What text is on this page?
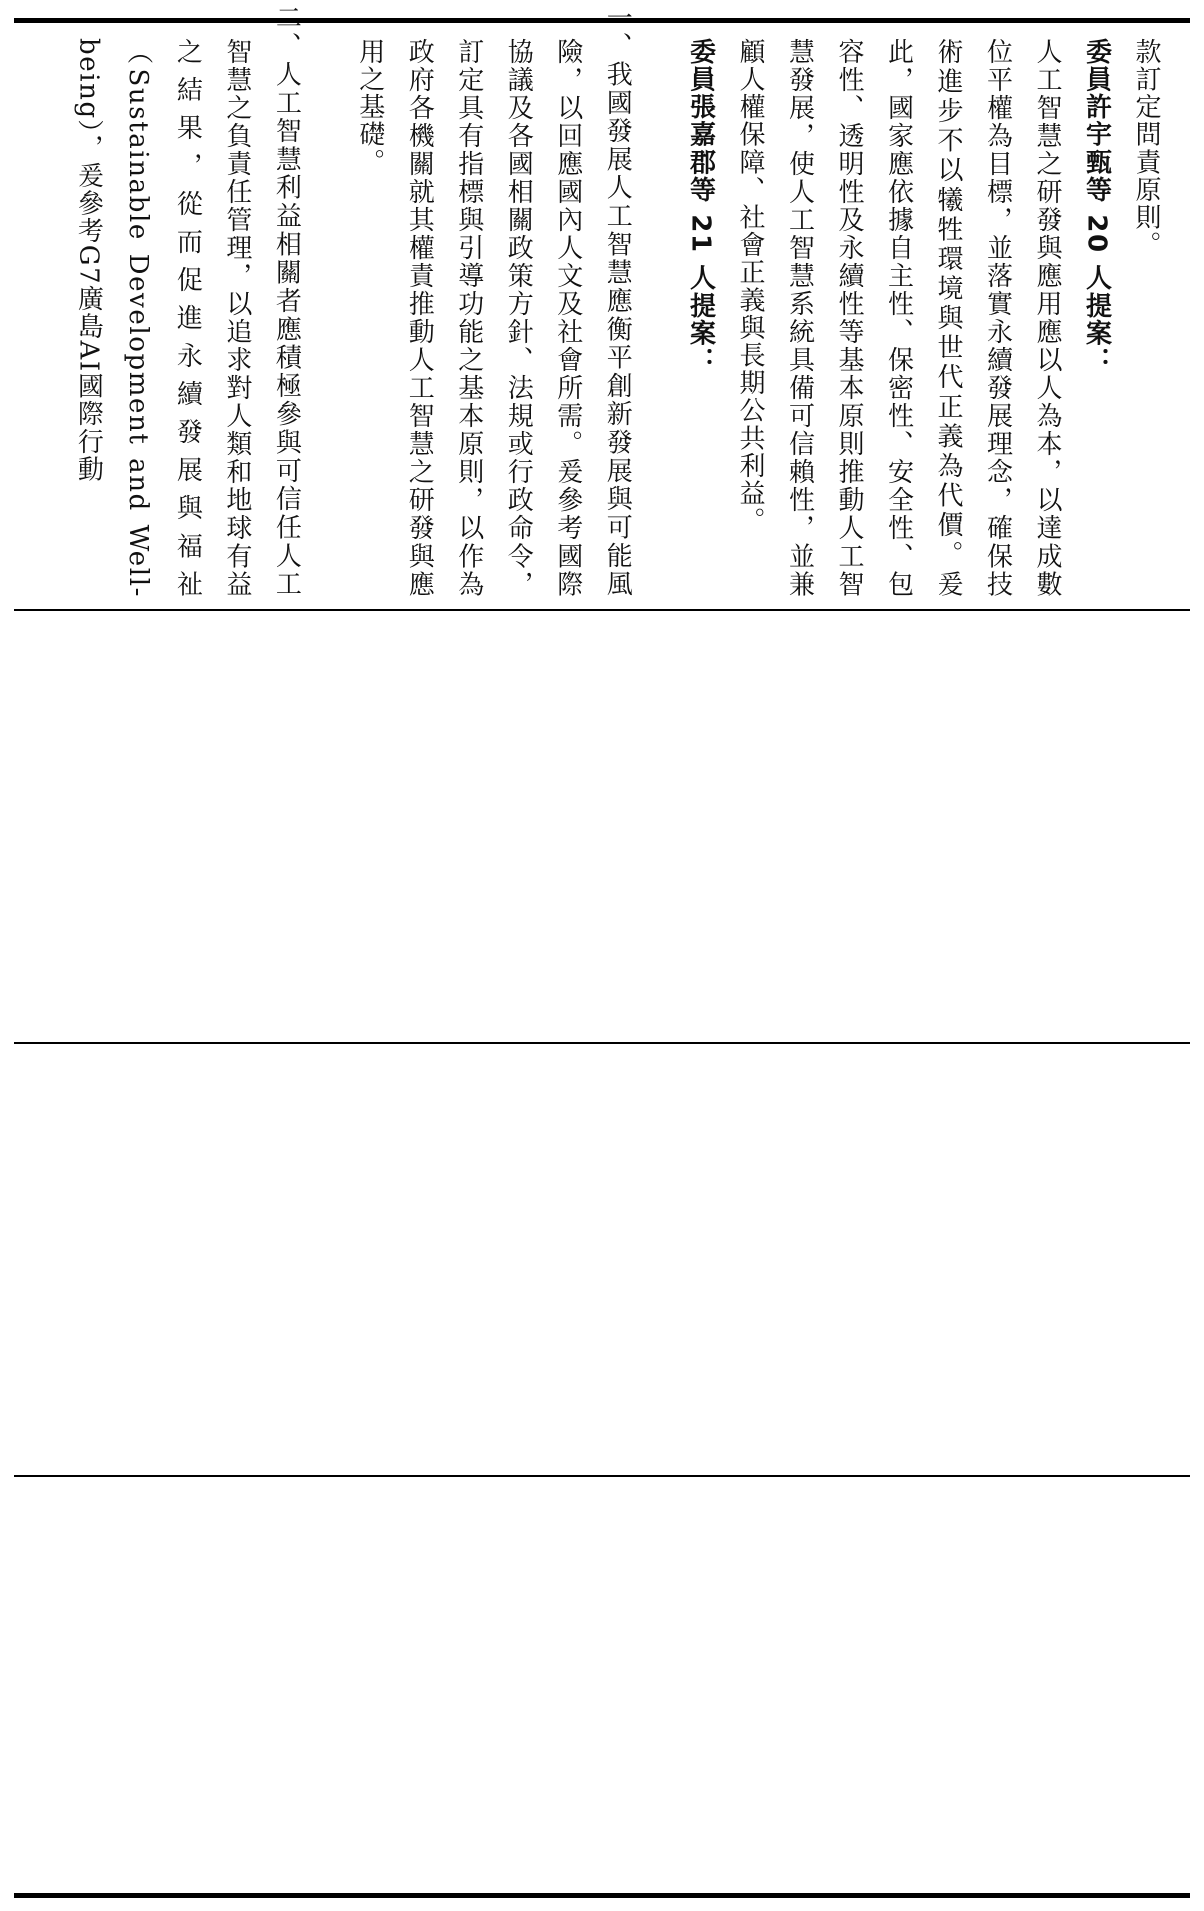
款訂定問責原則。

委員許宇甄等 20 人提案：

人工智慧之研發與應用應以人為本，以達成數位平權為目標，並落實永續發展理念，確保技術進步不以犧牲環境與世代正義為代價。爰此，國家應依據自主性、保密性、安全性、包容性、透明性及永續性等基本原則推動人工智慧發展，使人工智慧系統具備可信賴性，並兼顧人權保障、社會正義與長期公共利益。

委員張嘉郡等 21 人提案：

一、我國發展人工智慧應衡平創新發展與可能風險，以回應國內人文及社會所需。爰參考國際協議及各國相關政策方針、法規或行政命令，訂定具有指標與引導功能之基本原則，以作為政府各機關就其權責推動人工智慧之研發與應用之基礎。

二、人工智慧利益相關者應積極參與可信任人工智慧之負責任管理，以追求對人類和地球有益之結果，從而促進永續發展與福祉（Sustainable Development and Well-being），爰參考G7廣島AI國際行動
